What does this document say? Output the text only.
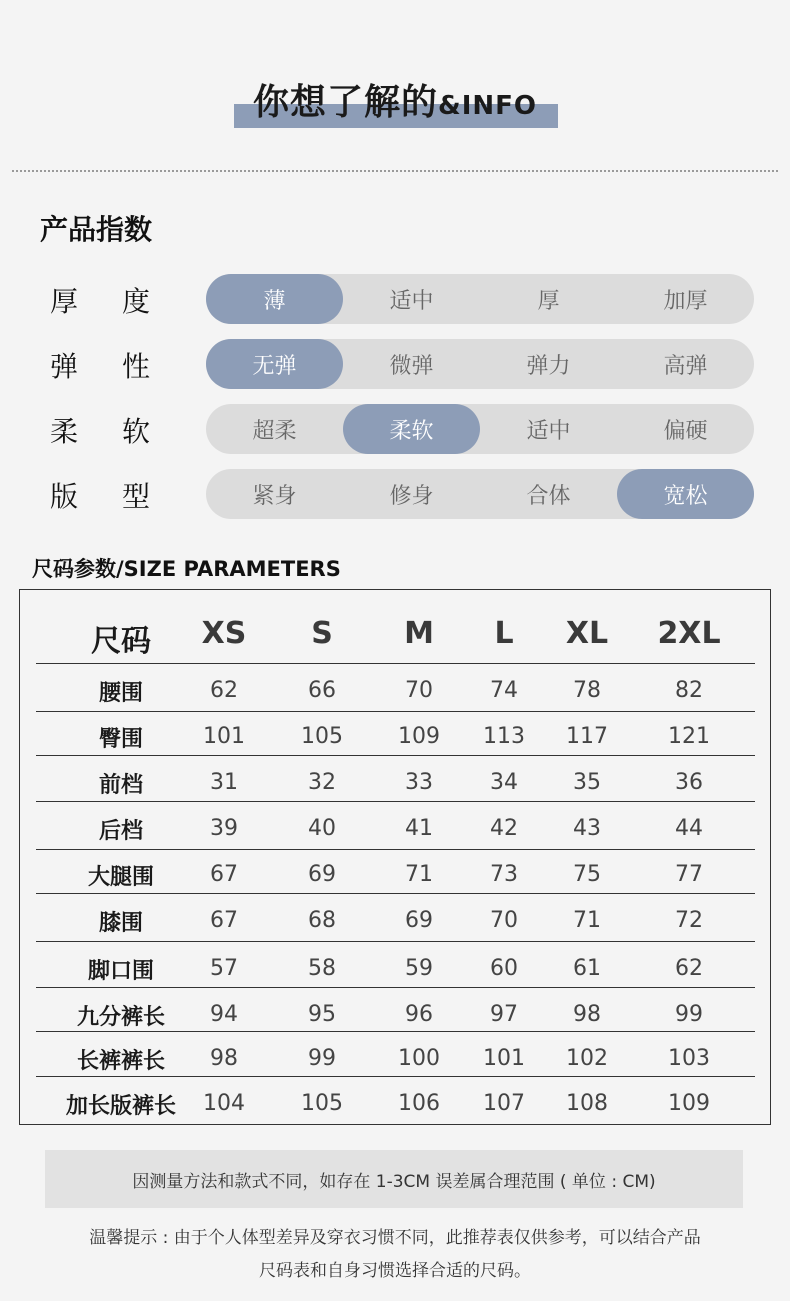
你想了解的&INFO
产品指数
厚 度	薄	适中	厚	加厚
弹 性	无弹	微弹	弹力	高弹
柔 软	超柔	柔软	适中	偏硬
版 型	紧身	修身	合体	宽松
尺码参数/SIZE PARAMETERS
尺码	XS	S	M	L	XL	2XL
腰围	62	66	70	74	78	82
臀围	101	105	109	113	117	121
前档	31	32	33	34	35	36
后档	39	40	41	42	43	44
大腿围	67	69	71	73	75	77
膝围	67	68	69	70	71	72
脚口围	57	58	59	60	61	62
九分裤长	94	95	96	97	98	99
长裤裤长	98	99	100	101	102	103
加长版裤长	104	105	106	107	108	109
因测量方法和款式不同，如存在 1-3CM 误差属合理范围 ( 单位 : CM)
温馨提示 : 由于个人体型差异及穿衣习惯不同，此推荐表仅供参考，可以结合产品
尺码表和自身习惯选择合适的尺码。
